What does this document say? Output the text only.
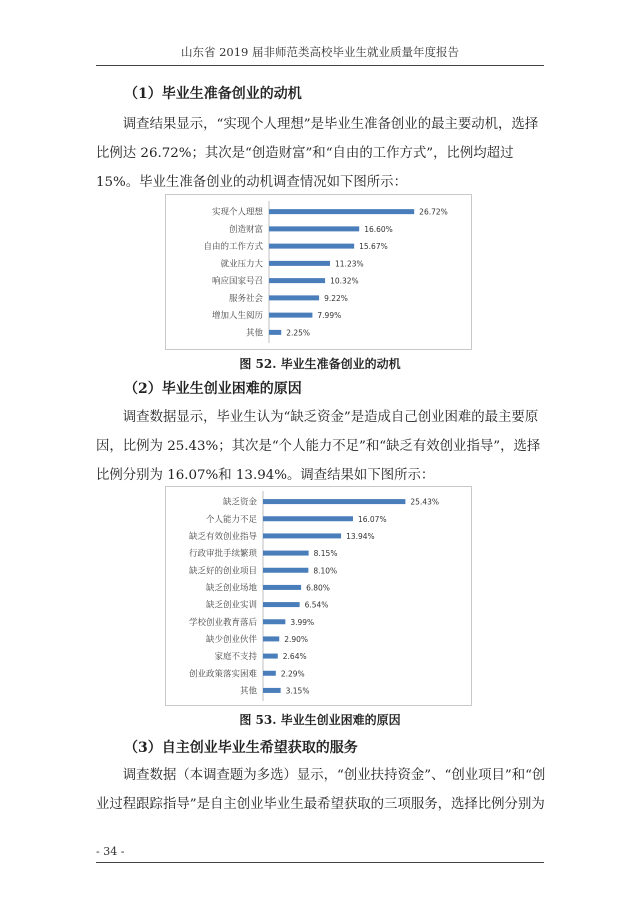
山东省 2019 届非师范类高校毕业生就业质量年度报告
（1）毕业生准备创业的动机

调查结果显示，“实现个人理想”是毕业生准备创业的最主要动机，选择比例达 26.72%；其次是“创造财富”和“自由的工作方式”，比例均超过 15%。毕业生准备创业的动机调查情况如下图所示：

实现个人理想	26.72%
创造财富	16.60%
自由的工作方式	15.67%
就业压力大	11.23%
响应国家号召	10.32%
服务社会	9.22%
增加人生阅历	7.99%
其他	2.25%
图 52. 毕业生准备创业的动机
（2）毕业生创业困难的原因

调查数据显示，毕业生认为“缺乏资金”是造成自己创业困难的最主要原因，比例为 25.43%；其次是“个人能力不足”和“缺乏有效创业指导”，选择比例分别为 16.07%和 13.94%。调查结果如下图所示：

缺乏资金	25.43%
个人能力不足	16.07%
缺乏有效创业指导	13.94%
行政审批手续繁琐	8.15%
缺乏好的创业项目	8.10%
缺乏创业场地	6.80%
缺乏创业实训	6.54%
学校创业教育落后	3.99%
缺少创业伙伴	2.90%
家庭不支持	2.64%
创业政策落实困难	2.29%
其他	3.15%
图 53. 毕业生创业困难的原因
（3）自主创业毕业生希望获取的服务

调查数据（本调查题为多选）显示，“创业扶持资金”、“创业项目”和“创业过程跟踪指导”是自主创业毕业生最希望获取的三项服务，选择比例分别为

- 34 -
